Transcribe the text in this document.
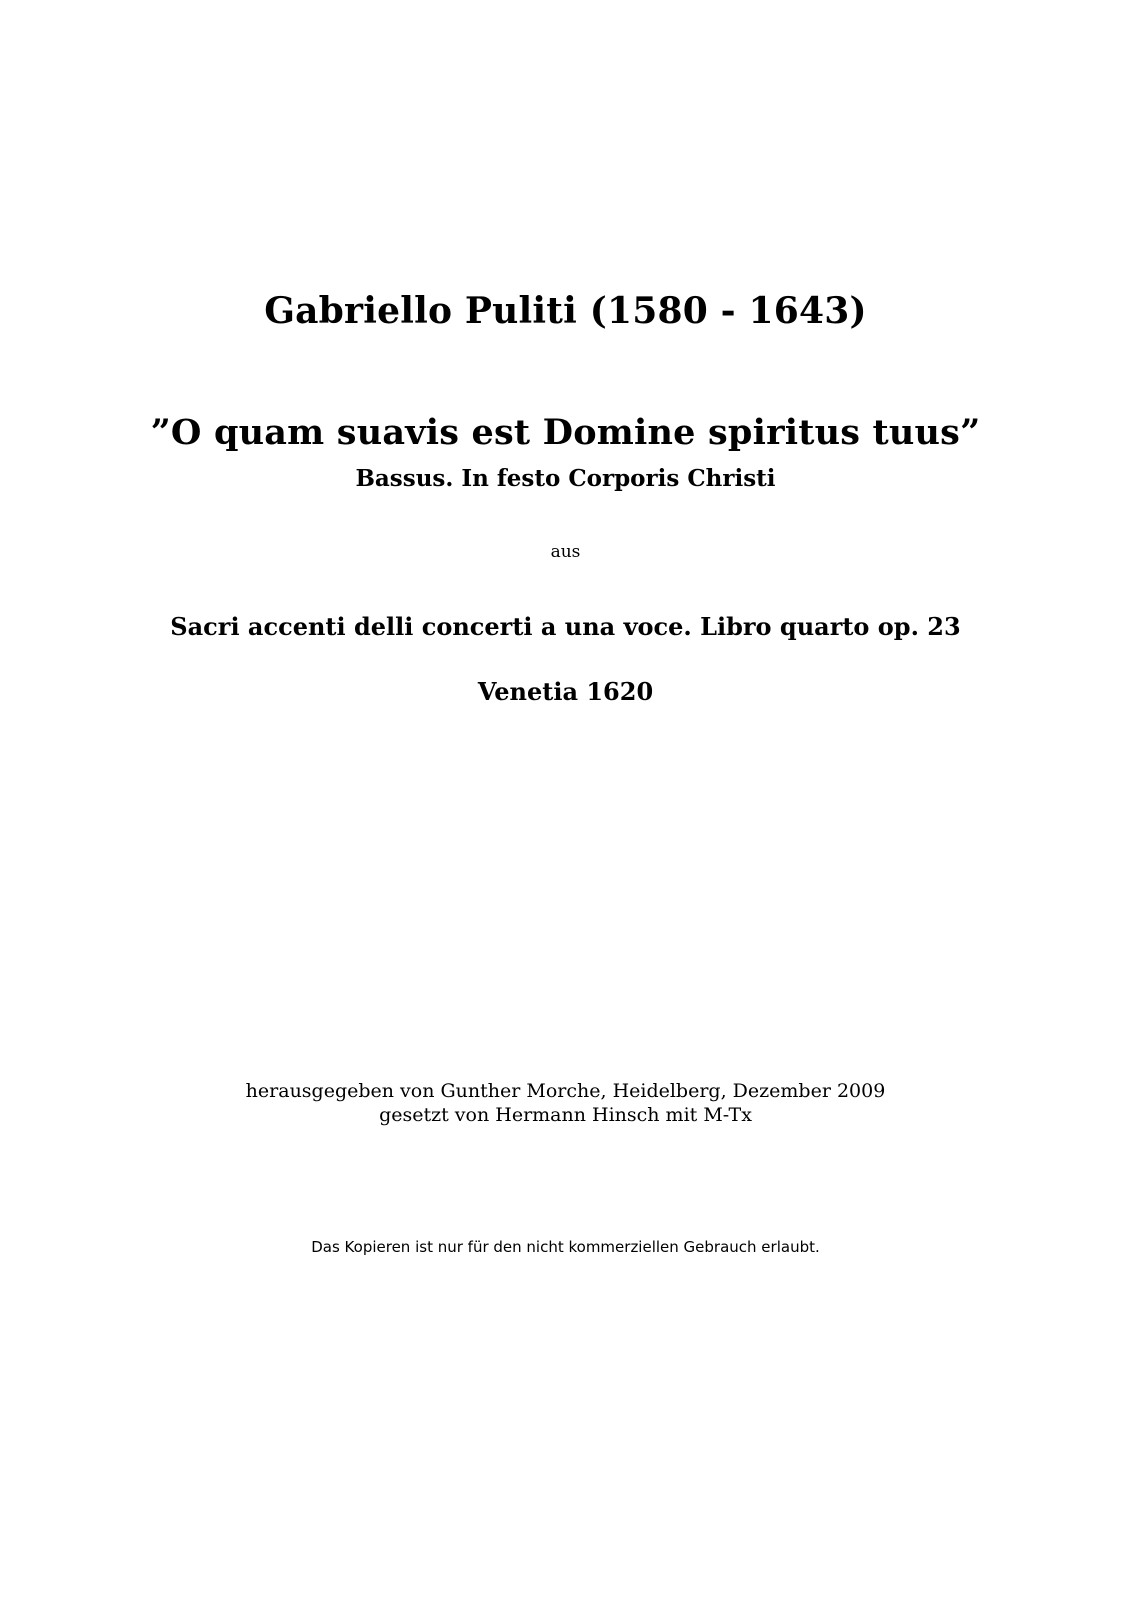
Gabriello Puliti (1580 - 1643)
”O quam suavis est Domine spiritus tuus”
Bassus. In festo Corporis Christi
aus
Sacri accenti delli concerti a una voce. Libro quarto op. 23
Venetia 1620
herausgegeben von Gunther Morche, Heidelberg, Dezember 2009
gesetzt von Hermann Hinsch mit M-Tx
Das Kopieren ist nur für den nicht kommerziellen Gebrauch erlaubt.
